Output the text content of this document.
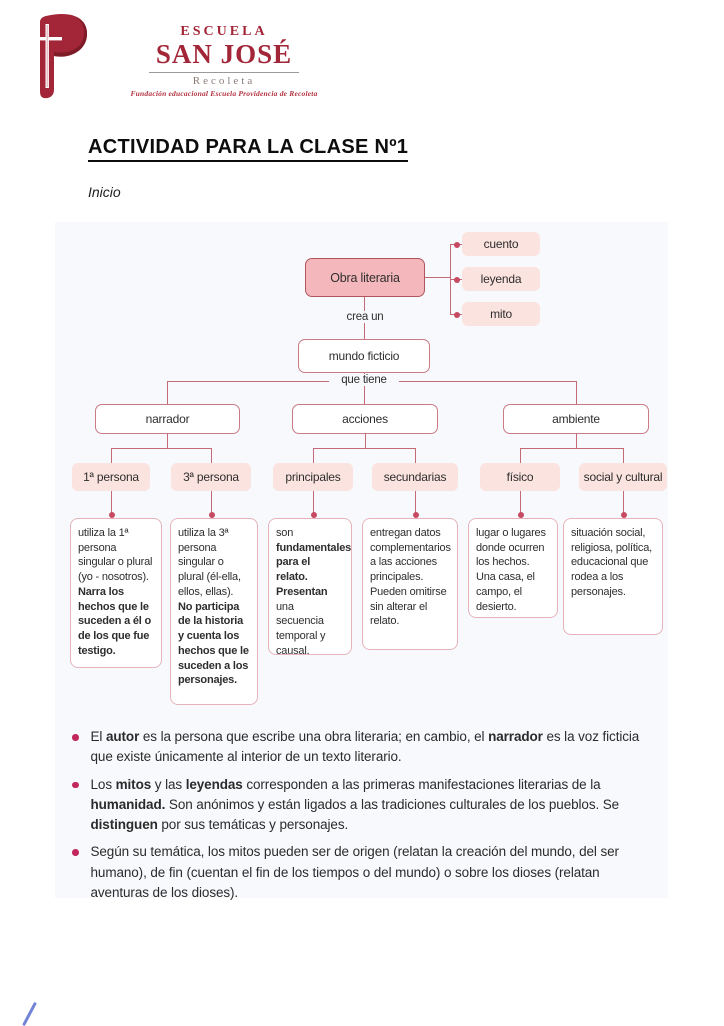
ESCUELA
SAN JOSÉ
Recoleta
Fundación educacional Escuela Providencia de Recoleta
ACTIVIDAD PARA LA CLASE Nº1
Inicio
Obra literaria
cuento
leyenda
mito
crea un
mundo ficticio
que tiene
narrador	acciones	ambiente
1ª persona	3ª persona	principales	secundarias	físico	social y cultural
utiliza la 1ª persona singular o plural (yo - nosotros). Narra los hechos que le suceden a él o de los que fue testigo.
utiliza la 3ª persona singular o plural (él-ella, ellos, ellas). No participa de la historia y cuenta los hechos que le suceden a los personajes.
son fundamentales para el relato. Presentan una secuencia temporal y causal.
entregan datos complementarios a las acciones principales. Pueden omitirse sin alterar el relato.
lugar o lugares donde ocurren los hechos. Una casa, el campo, el desierto.
situación social, religiosa, política, educacional que rodea a los personajes.
El autor es la persona que escribe una obra literaria; en cambio, el narrador es la voz ficticia que existe únicamente al interior de un texto literario.
Los mitos y las leyendas corresponden a las primeras manifestaciones literarias de la humanidad. Son anónimos y están ligados a las tradiciones culturales de los pueblos. Se distinguen por sus temáticas y personajes.
Según su temática, los mitos pueden ser de origen (relatan la creación del mundo, del ser humano), de fin (cuentan el fin de los tiempos o del mundo) o sobre los dioses (relatan aventuras de los dioses).
